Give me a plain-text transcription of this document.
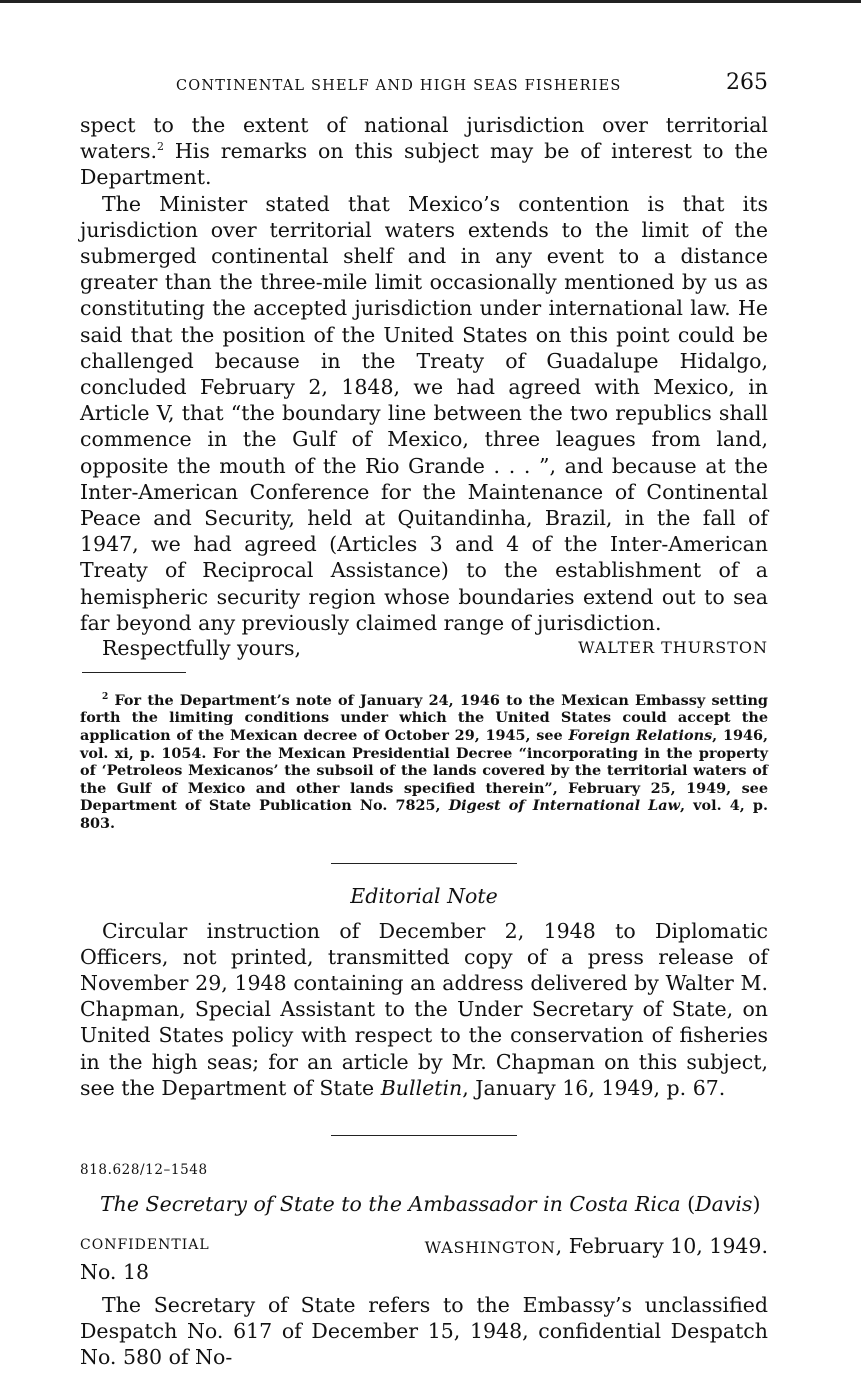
CONTINENTAL SHELF AND HIGH SEAS FISHERIES	265

spect to the extent of national jurisdiction over territorial waters.$^2$ His remarks on this subject may be of interest to the Department.

The Minister stated that Mexico’s contention is that its jurisdiction over territorial waters extends to the limit of the submerged continental shelf and in any event to a distance greater than the three-mile limit occasionally mentioned by us as constituting the accepted jurisdiction under international law. He said that the position of the United States on this point could be challenged because in the Treaty of Guadalupe Hidalgo, concluded February 2, 1848, we had agreed with Mexico, in Article V, that “the boundary line between the two republics shall commence in the Gulf of Mexico, three leagues from land, opposite the mouth of the Rio Grande . . . ”, and because at the Inter-American Conference for the Maintenance of Continental Peace and Security, held at Quitandinha, Brazil, in the fall of 1947, we had agreed (Articles 3 and 4 of the Inter-American Treaty of Reciprocal Assistance) to the establishment of a hemispheric security region whose boundaries extend out to sea far beyond any previously claimed range of jurisdiction.

Respectfully yours,	WALTER THURSTON

$^2$ For the Department’s note of January 24, 1946 to the Mexican Embassy setting forth the limiting conditions under which the United States could accept the application of the Mexican decree of October 29, 1945, see Foreign Relations, 1946, vol. xi, p. 1054. For the Mexican Presidential Decree “incorporating in the property of ‘Petroleos Mexicanos’ the subsoil of the lands covered by the territorial waters of the Gulf of Mexico and other lands specified therein”, February 25, 1949, see Department of State Publication No. 7825, Digest of International Law, vol. 4, p. 803.

Editorial Note

Circular instruction of December 2, 1948 to Diplomatic Officers, not printed, transmitted copy of a press release of November 29, 1948 containing an address delivered by Walter M. Chapman, Special Assistant to the Under Secretary of State, on United States policy with respect to the conservation of fisheries in the high seas; for an article by Mr. Chapman on this subject, see the Department of State Bulletin, January 16, 1949, p. 67.

818.628/12–1548

The Secretary of State to the Ambassador in Costa Rica (Davis)
CONFIDENTIAL	WASHINGTON, February 10, 1949.

No. 18

The Secretary of State refers to the Embassy’s unclassified Despatch No. 617 of December 15, 1948, confidential Despatch No. 580 of No-
